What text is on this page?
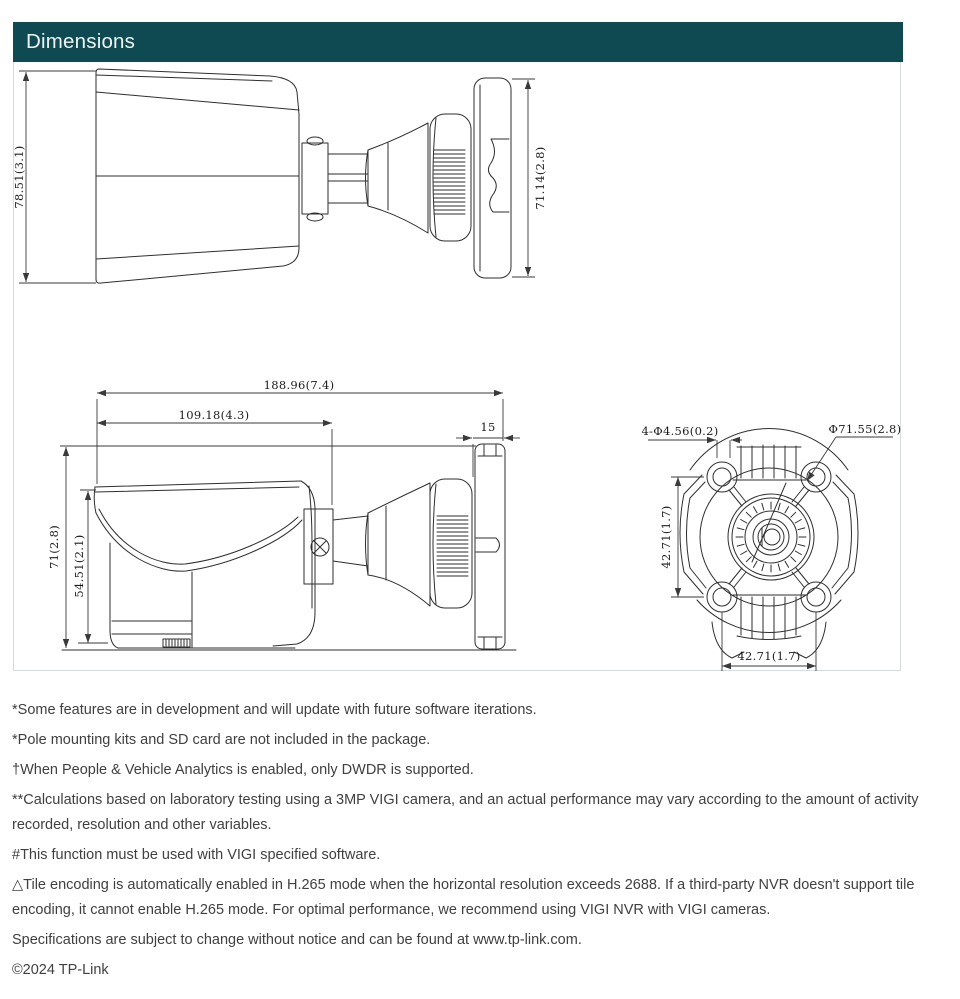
Dimensions
78.51(3.1)	71.14(2.8)
188.96(7.4)
109.18(4.3)
15
71(2.8) 54.51(2.1)
4-Φ4.56(0.2)	Φ71.55(2.8)
42.71(1.7)
42.71(1.7)

*Some features are in development and will update with future software iterations.

*Pole mounting kits and SD card are not included in the package.

†When People & Vehicle Analytics is enabled, only DWDR is supported.

**Calculations based on laboratory testing using a 3MP VIGI camera, and an actual performance may vary according to the amount of activity recorded, resolution and other variables.

#This function must be used with VIGI specified software.

△Tile encoding is automatically enabled in H.265 mode when the horizontal resolution exceeds 2688. If a third-party NVR doesn't support tile encoding, it cannot enable H.265 mode. For optimal performance, we recommend using VIGI NVR with VIGI cameras.

Specifications are subject to change without notice and can be found at www.tp-link.com.

©2024 TP-Link
